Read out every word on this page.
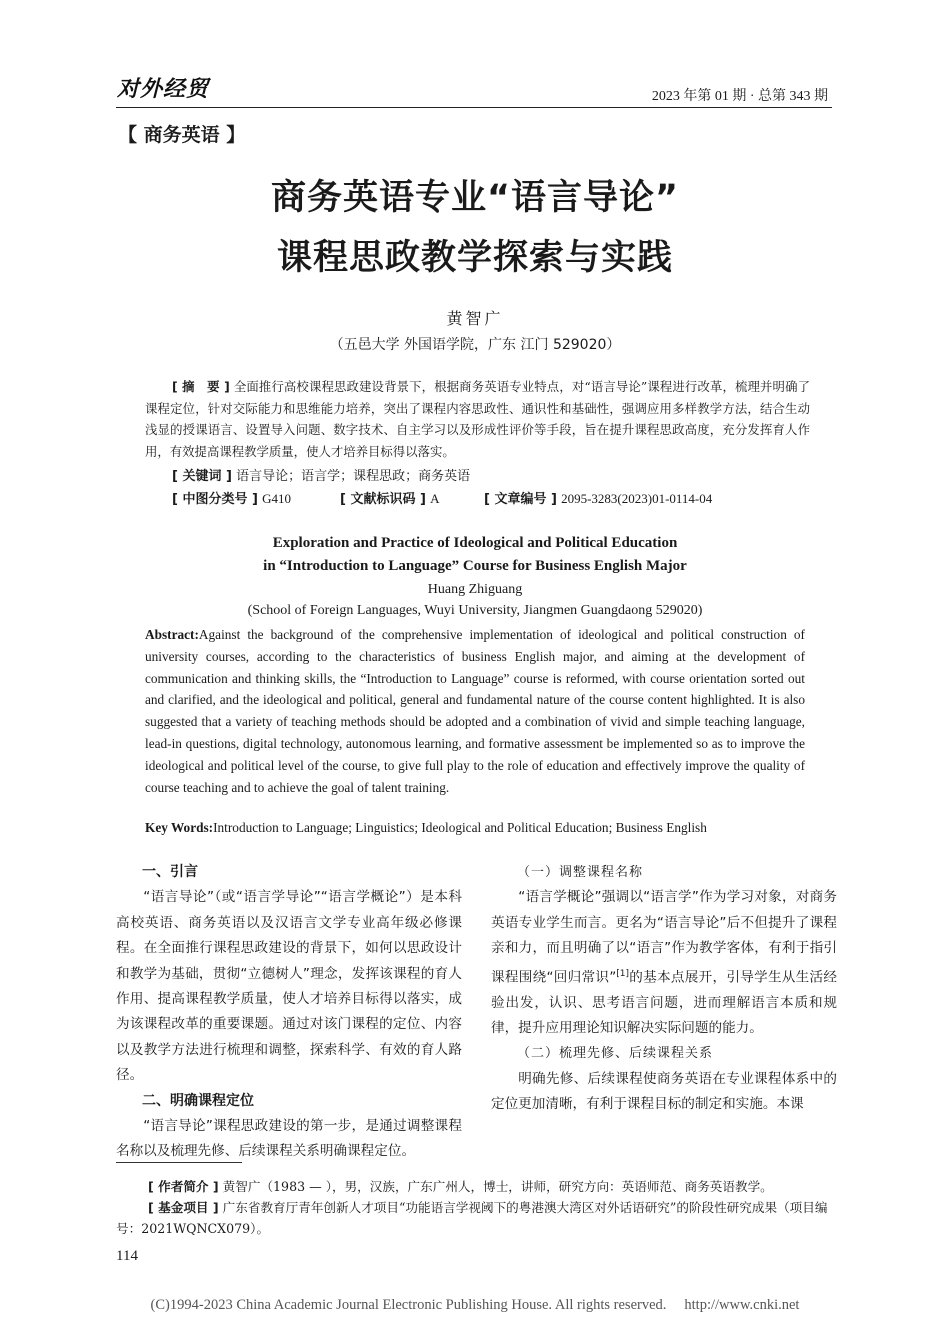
对外经贸	2023 年第 01 期 · 总第 343 期
【 商务英语 】
商务英语专业“语言导论”
课程思政教学探索与实践
黄智广
（五邑大学 外国语学院，广东 江门 529020）
[ 摘　要 ] 全面推行高校课程思政建设背景下，根据商务英语专业特点，对“语言导论”课程进行改革，梳理并明确了课程定位，针对交际能力和思维能力培养，突出了课程内容思政性、通识性和基础性，强调应用多样教学方法，结合生动浅显的授课语言、设置导入问题、数字技术、自主学习以及形成性评价等手段，旨在提升课程思政高度，充分发挥育人作用，有效提高课程教学质量，使人才培养目标得以落实。
[ 关键词 ] 语言导论；语言学；课程思政；商务英语
[ 中图分类号 ] G410	[ 文献标识码 ] A	[ 文章编号 ] 2095-3283(2023)01-0114-04
Exploration and Practice of Ideological and Political Education
in “Introduction to Language” Course for Business English Major
Huang Zhiguang
(School of Foreign Languages, Wuyi University, Jiangmen Guangdaong 529020)
Abstract:Against the background of the comprehensive implementation of ideological and political construction of university courses, according to the characteristics of business English major, and aiming at the development of communication and thinking skills, the “Introduction to Language” course is reformed, with course orientation sorted out and clarified, and the ideological and political, general and fundamental nature of the course content highlighted. It is also suggested that a variety of teaching methods should be adopted and a combination of vivid and simple teaching language, lead-in questions, digital technology, autonomous learning, and formative assessment be implemented so as to improve the ideological and political level of the course, to give full play to the role of education and effectively improve the quality of course teaching and to achieve the goal of talent training.
Key Words:Introduction to Language; Linguistics; Ideological and Political Education; Business English
一、引言

“语言导论”（或“语言学导论”“语言学概论”）是本科高校英语、商务英语以及汉语言文学专业高年级必修课程。在全面推行课程思政建设的背景下，如何以思政设计和教学为基础，贯彻“立德树人”理念，发挥该课程的育人作用、提高课程教学质量，使人才培养目标得以落实，成为该课程改革的重要课题。通过对该门课程的定位、内容以及教学方法进行梳理和调整，探索科学、有效的育人路径。

二、明确课程定位

“语言导论”课程思政建设的第一步，是通过调整课程名称以及梳理先修、后续课程关系明确课程定位。

（一）调整课程名称

“语言学概论”强调以“语言学”作为学习对象，对商务英语专业学生而言。更名为“语言导论”后不但提升了课程亲和力，而且明确了以“语言”作为教学客体，有利于指引课程围绕“回归常识”[1]的基本点展开，引导学生从生活经验出发，认识、思考语言问题，进而理解语言本质和规律，提升应用理论知识解决实际问题的能力。

（二）梳理先修、后续课程关系

明确先修、后续课程使商务英语在专业课程体系中的定位更加清晰，有利于课程目标的制定和实施。本课

[ 作者简介 ] 黄智广（1983 — ），男，汉族，广东广州人，博士，讲师，研究方向：英语师范、商务英语教学。
[ 基金项目 ] 广东省教育厅青年创新人才项目“功能语言学视阈下的粤港澳大湾区对外话语研究”的阶段性研究成果（项目编号：2021WQNCX079）。
114
(C)1994-2023 China Academic Journal Electronic Publishing House. All rights reserved. http://www.cnki.net
